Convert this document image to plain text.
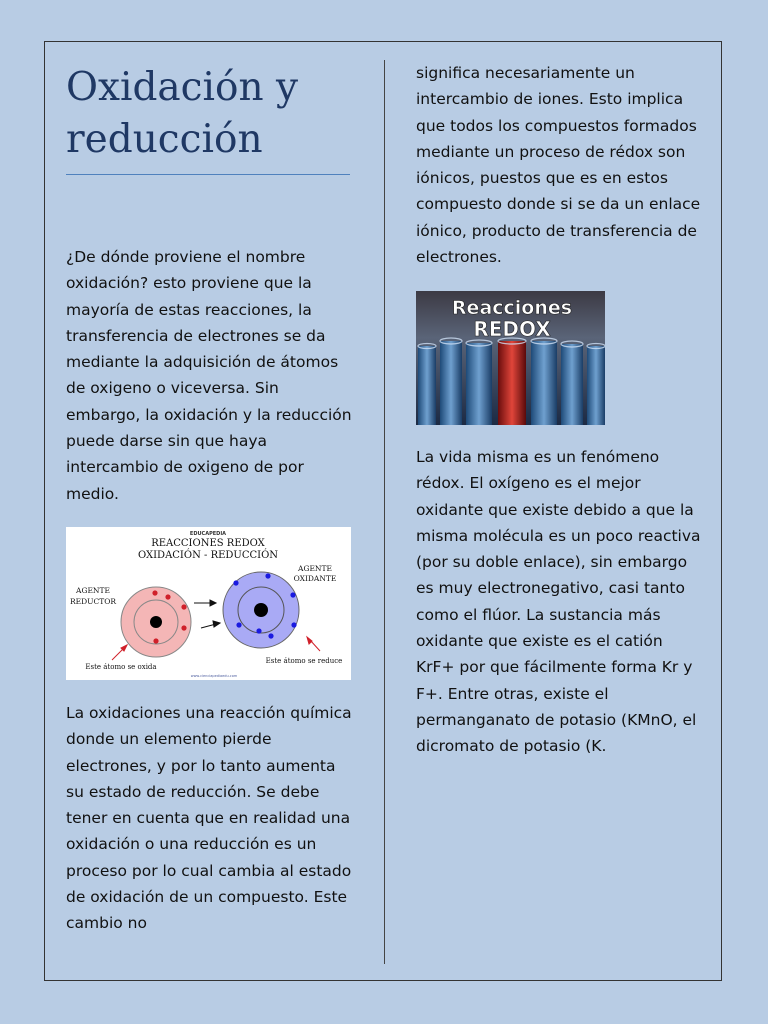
Oxidación y reducción

¿De dónde proviene el nombre oxidación? esto proviene que la mayoría de estas reacciones, la transferencia de electrones se da mediante la adquisición de átomos de oxigeno o viceversa. Sin embargo, la oxidación y la reducción puede darse sin que haya intercambio de oxigeno de por medio.

EDUCAPEDIA
REACCIONES REDOX
OXIDACIÓN - REDUCCIÓN
AGENTE
REDUCTOR
AGENTE
OXIDANTE
Este átomo se oxida
Este átomo se reduce
www.cienciapediaedu.com

La oxidaciones una reacción química donde un elemento pierde electrones, y por lo tanto aumenta su estado de reducción. Se debe tener en cuenta que en realidad una oxidación o una reducción es un proceso por lo cual cambia al estado de oxidación de un compuesto. Este cambio no

significa necesariamente un intercambio de iones. Esto implica que todos los compuestos formados mediante un proceso de rédox son iónicos, puestos que es en estos compuesto donde si se da un enlace iónico, producto de transferencia de electrones.

Reacciones
REDOX

La vida misma es un fenómeno rédox. El oxígeno es el mejor oxidante que existe debido a que la misma molécula es un poco reactiva (por su doble enlace), sin embargo es muy electronegativo, casi tanto como el flúor. La sustancia más oxidante que existe es el catión KrF+ por que fácilmente forma Kr y F+. Entre otras, existe el permanganato de potasio (KMnO, el dicromato de potasio (K.
